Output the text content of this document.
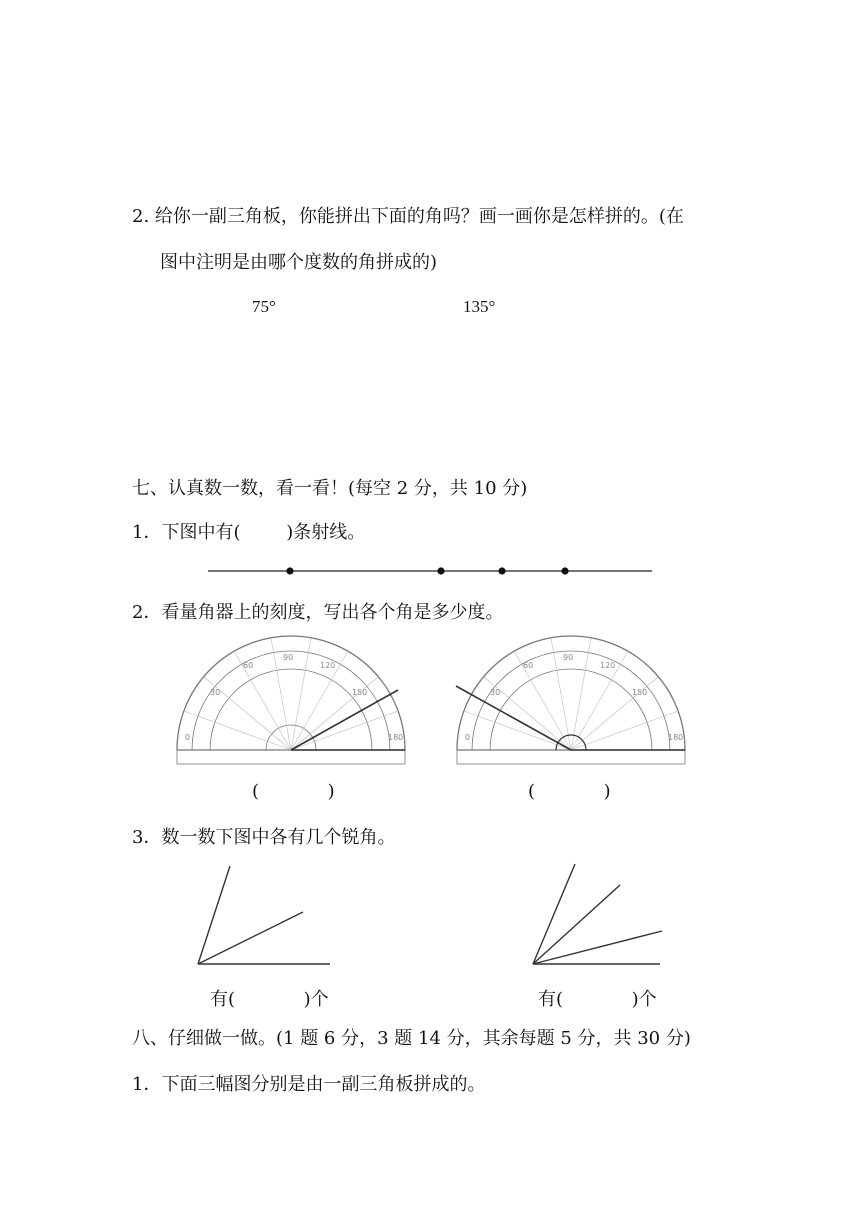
2. 给你一副三角板，你能拼出下面的角吗？画一画你是怎样拼的。(在
图中注明是由哪个度数的角拼成的)
75°	135°
七、认真数一数，看一看！(每空 2 分，共 10 分)
1．下图中有(        )条射线。
90
60	120
30	150
0	180
90
60	120
30	150
0	180
2．看量角器上的刻度，写出各个角是多少度。
(            )	(            )
3．数一数下图中各有几个锐角。
有(            )个	有(            )个
八、仔细做一做。(1 题 6 分，3 题 14 分，其余每题 5 分，共 30 分)
1．下面三幅图分别是由一副三角板拼成的。
